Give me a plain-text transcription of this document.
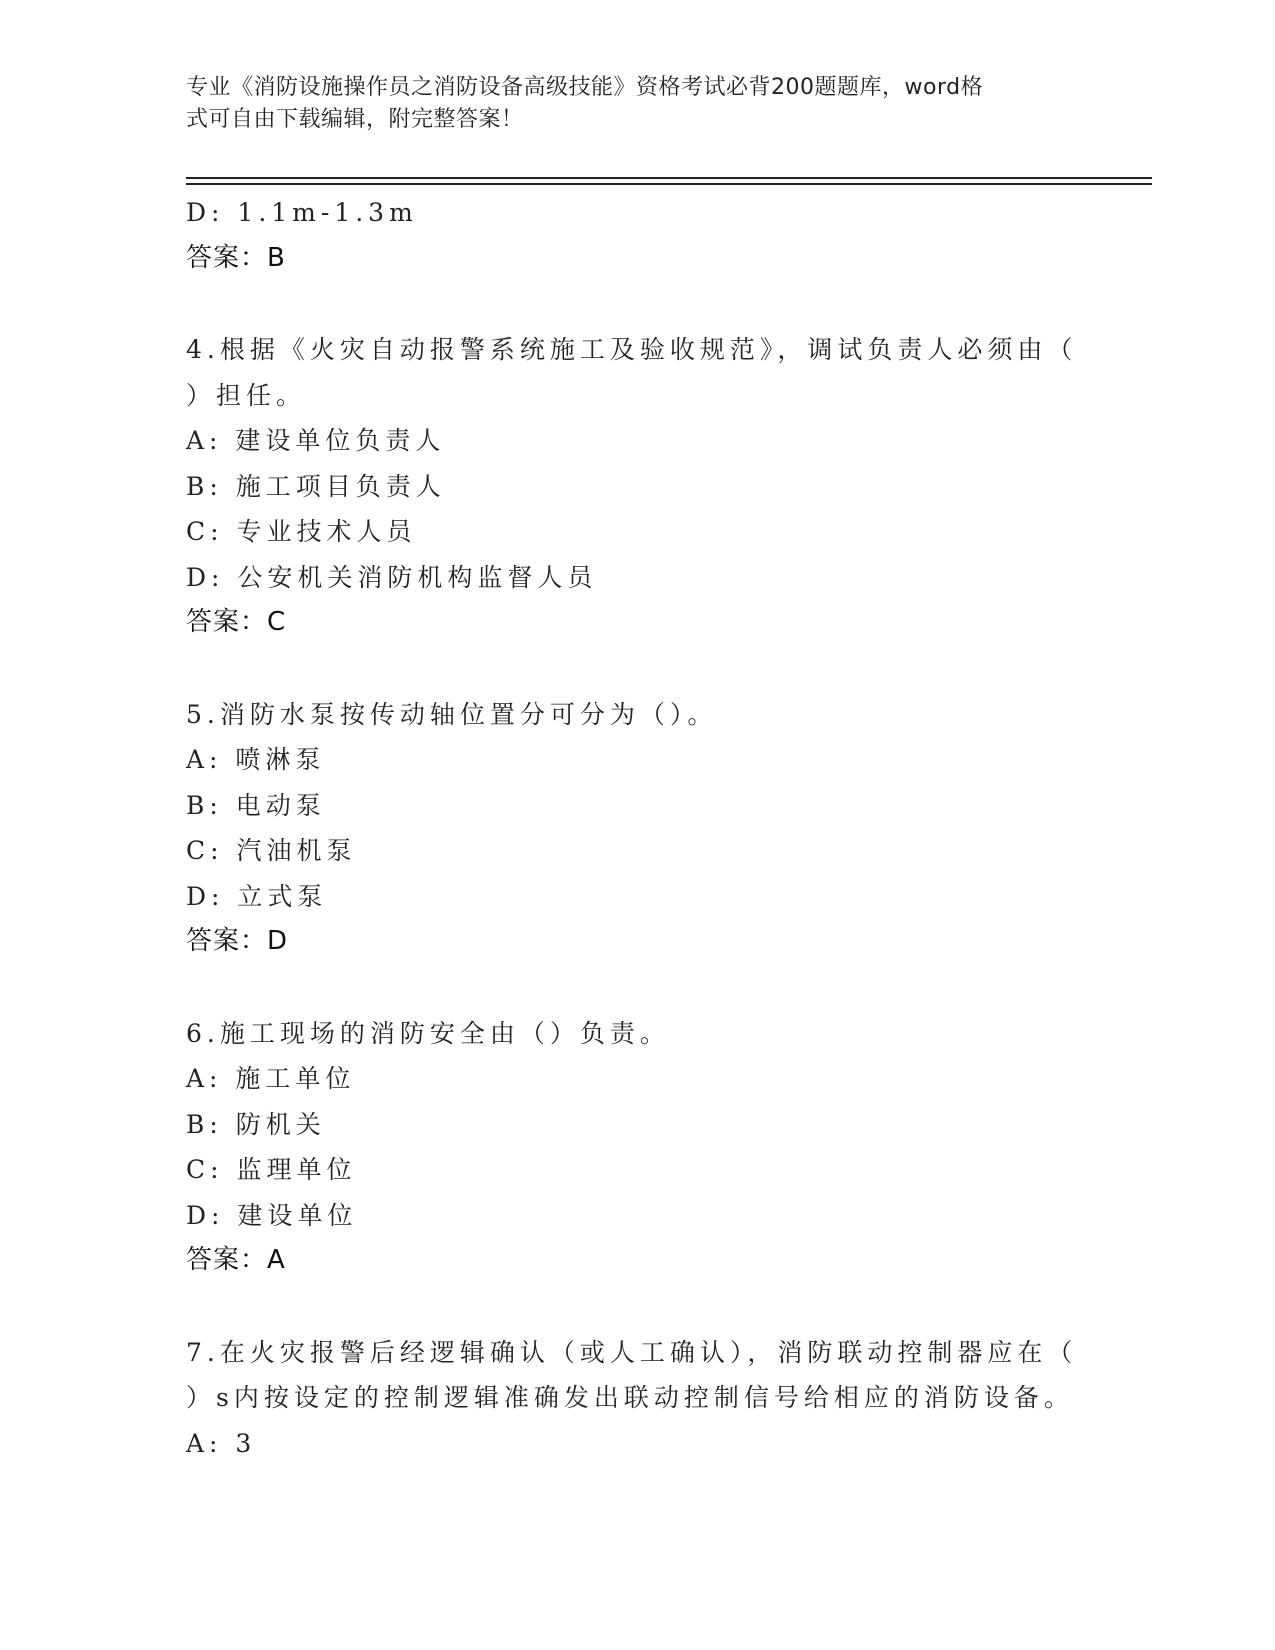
专业《消防设施操作员之消防设备高级技能》资格考试必背200题题库，word格
式可自由下载编辑，附完整答案！
D: 1.1m-1.3m
答案：B
4.根据《火灾自动报警系统施工及验收规范》，调试负责人必须由（
）担任。
A: 建设单位负责人
B: 施工项目负责人
C: 专业技术人员
D: 公安机关消防机构监督人员
答案：C
5.消防水泵按传动轴位置分可分为（）。
A: 喷淋泵
B: 电动泵
C: 汽油机泵
D: 立式泵
答案：D
6.施工现场的消防安全由（）负责。
A: 施工单位
B: 防机关
C: 监理单位
D: 建设单位
答案：A
7.在火灾报警后经逻辑确认（或人工确认），消防联动控制器应在（
）s内按设定的控制逻辑准确发出联动控制信号给相应的消防设备。
A: 3
